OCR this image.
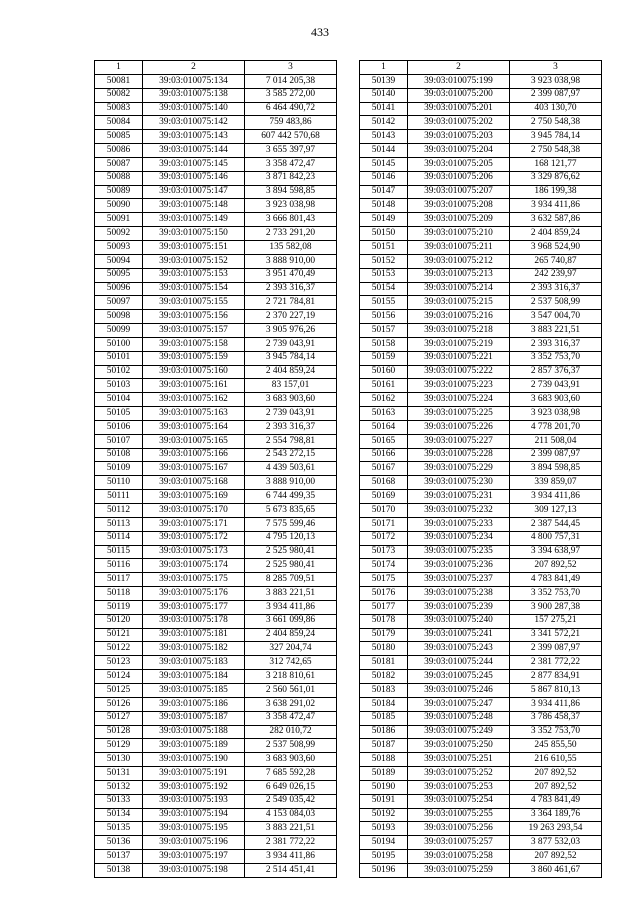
433
1	2	3
50081	39:03:010075:134	7 014 205,38
50082	39:03:010075:138	3 585 272,00
50083	39:03:010075:140	6 464 490,72
50084	39:03:010075:142	759 483,86
50085	39:03:010075:143	607 442 570,68
50086	39:03:010075:144	3 655 397,97
50087	39:03:010075:145	3 358 472,47
50088	39:03:010075:146	3 871 842,23
50089	39:03:010075:147	3 894 598,85
50090	39:03:010075:148	3 923 038,98
50091	39:03:010075:149	3 666 801,43
50092	39:03:010075:150	2 733 291,20
50093	39:03:010075:151	135 582,08
50094	39:03:010075:152	3 888 910,00
50095	39:03:010075:153	3 951 470,49
50096	39:03:010075:154	2 393 316,37
50097	39:03:010075:155	2 721 784,81
50098	39:03:010075:156	2 370 227,19
50099	39:03:010075:157	3 905 976,26
50100	39:03:010075:158	2 739 043,91
50101	39:03:010075:159	3 945 784,14
50102	39:03:010075:160	2 404 859,24
50103	39:03:010075:161	83 157,01
50104	39:03:010075:162	3 683 903,60
50105	39:03:010075:163	2 739 043,91
50106	39:03:010075:164	2 393 316,37
50107	39:03:010075:165	2 554 798,81
50108	39:03:010075:166	2 543 272,15
50109	39:03:010075:167	4 439 503,61
50110	39:03:010075:168	3 888 910,00
50111	39:03:010075:169	6 744 499,35
50112	39:03:010075:170	5 673 835,65
50113	39:03:010075:171	7 575 599,46
50114	39:03:010075:172	4 795 120,13
50115	39:03:010075:173	2 525 980,41
50116	39:03:010075:174	2 525 980,41
50117	39:03:010075:175	8 285 709,51
50118	39:03:010075:176	3 883 221,51
50119	39:03:010075:177	3 934 411,86
50120	39:03:010075:178	3 661 099,86
50121	39:03:010075:181	2 404 859,24
50122	39:03:010075:182	327 204,74
50123	39:03:010075:183	312 742,65
50124	39:03:010075:184	3 218 810,61
50125	39:03:010075:185	2 560 561,01
50126	39:03:010075:186	3 638 291,02
50127	39:03:010075:187	3 358 472,47
50128	39:03:010075:188	282 010,72
50129	39:03:010075:189	2 537 508,99
50130	39:03:010075:190	3 683 903,60
50131	39:03:010075:191	7 685 592,28
50132	39:03:010075:192	6 649 026,15
50133	39:03:010075:193	2 549 035,42
50134	39:03:010075:194	4 153 084,03
50135	39:03:010075:195	3 883 221,51
50136	39:03:010075:196	2 381 772,22
50137	39:03:010075:197	3 934 411,86
50138	39:03:010075:198	2 514 451,41
1	2	3
50139	39:03:010075:199	3 923 038,98
50140	39:03:010075:200	2 399 087,97
50141	39:03:010075:201	403 130,70
50142	39:03:010075:202	2 750 548,38
50143	39:03:010075:203	3 945 784,14
50144	39:03:010075:204	2 750 548,38
50145	39:03:010075:205	168 121,77
50146	39:03:010075:206	3 329 876,62
50147	39:03:010075:207	186 199,38
50148	39:03:010075:208	3 934 411,86
50149	39:03:010075:209	3 632 587,86
50150	39:03:010075:210	2 404 859,24
50151	39:03:010075:211	3 968 524,90
50152	39:03:010075:212	265 740,87
50153	39:03:010075:213	242 239,97
50154	39:03:010075:214	2 393 316,37
50155	39:03:010075:215	2 537 508,99
50156	39:03:010075:216	3 547 004,70
50157	39:03:010075:218	3 883 221,51
50158	39:03:010075:219	2 393 316,37
50159	39:03:010075:221	3 352 753,70
50160	39:03:010075:222	2 857 376,37
50161	39:03:010075:223	2 739 043,91
50162	39:03:010075:224	3 683 903,60
50163	39:03:010075:225	3 923 038,98
50164	39:03:010075:226	4 778 201,70
50165	39:03:010075:227	211 508,04
50166	39:03:010075:228	2 399 087,97
50167	39:03:010075:229	3 894 598,85
50168	39:03:010075:230	339 859,07
50169	39:03:010075:231	3 934 411,86
50170	39:03:010075:232	309 127,13
50171	39:03:010075:233	2 387 544,45
50172	39:03:010075:234	4 800 757,31
50173	39:03:010075:235	3 394 638,97
50174	39:03:010075:236	207 892,52
50175	39:03:010075:237	4 783 841,49
50176	39:03:010075:238	3 352 753,70
50177	39:03:010075:239	3 900 287,38
50178	39:03:010075:240	157 275,21
50179	39:03:010075:241	3 341 572,21
50180	39:03:010075:243	2 399 087,97
50181	39:03:010075:244	2 381 772,22
50182	39:03:010075:245	2 877 834,91
50183	39:03:010075:246	5 867 810,13
50184	39:03:010075:247	3 934 411,86
50185	39:03:010075:248	3 786 458,37
50186	39:03:010075:249	3 352 753,70
50187	39:03:010075:250	245 855,50
50188	39:03:010075:251	216 610,55
50189	39:03:010075:252	207 892,52
50190	39:03:010075:253	207 892,52
50191	39:03:010075:254	4 783 841,49
50192	39:03:010075:255	3 364 189,76
50193	39:03:010075:256	19 263 293,54
50194	39:03:010075:257	3 877 532,03
50195	39:03:010075:258	207 892,52
50196	39:03:010075:259	3 860 461,67
